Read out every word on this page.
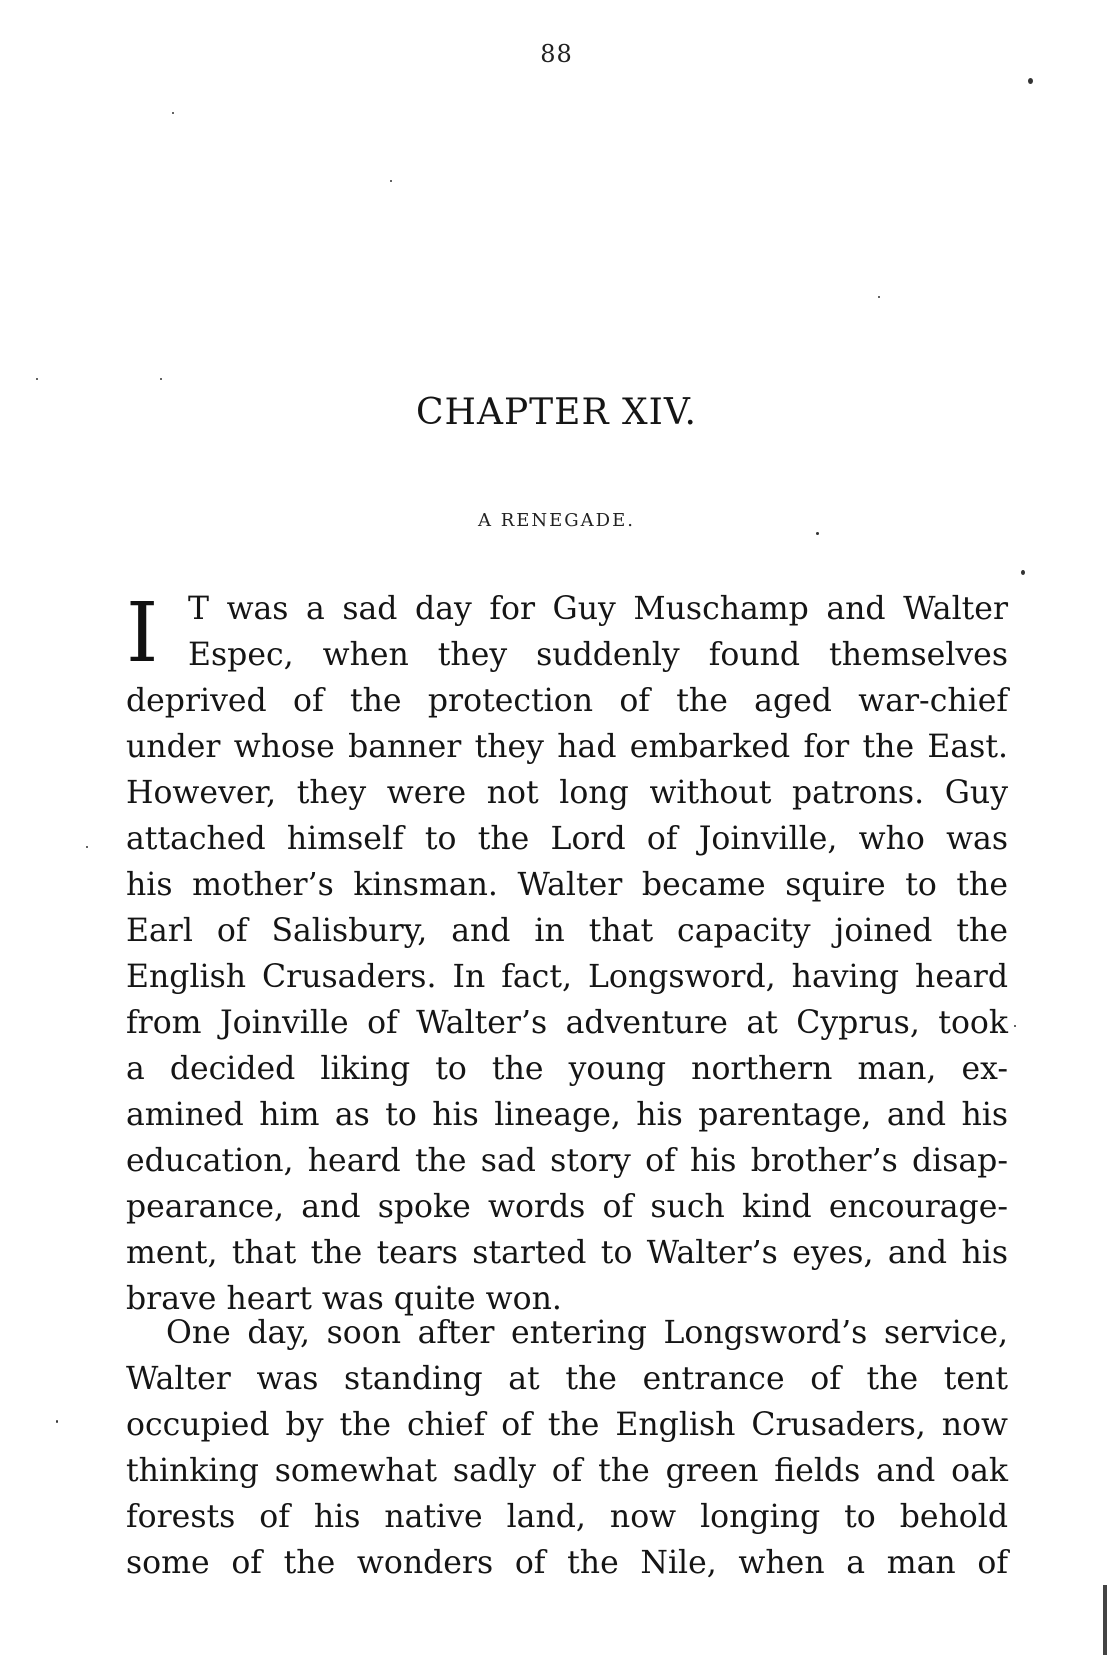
88
CHAPTER XIV.
A RENEGADE.
I T was a sad day for Guy Muschamp and Walter
Espec, when they suddenly found themselves
deprived of the protection of the aged war-chief
under whose banner they had embarked for the East.
However, they were not long without patrons. Guy
attached himself to the Lord of Joinville, who was
his mother’s kinsman. Walter became squire to the
Earl of Salisbury, and in that capacity joined the
English Crusaders. In fact, Longsword, having heard
from Joinville of Walter’s adventure at Cyprus, took
a decided liking to the young northern man, ex-
amined him as to his lineage, his parentage, and his
education, heard the sad story of his brother’s disap-
pearance, and spoke words of such kind encourage-
ment, that the tears started to Walter’s eyes, and his
brave heart was quite won.
One day, soon after entering Longsword’s service,
Walter was standing at the entrance of the tent
occupied by the chief of the English Crusaders, now
thinking somewhat sadly of the green fields and oak
forests of his native land, now longing to behold
some of the wonders of the Nile, when a man of
